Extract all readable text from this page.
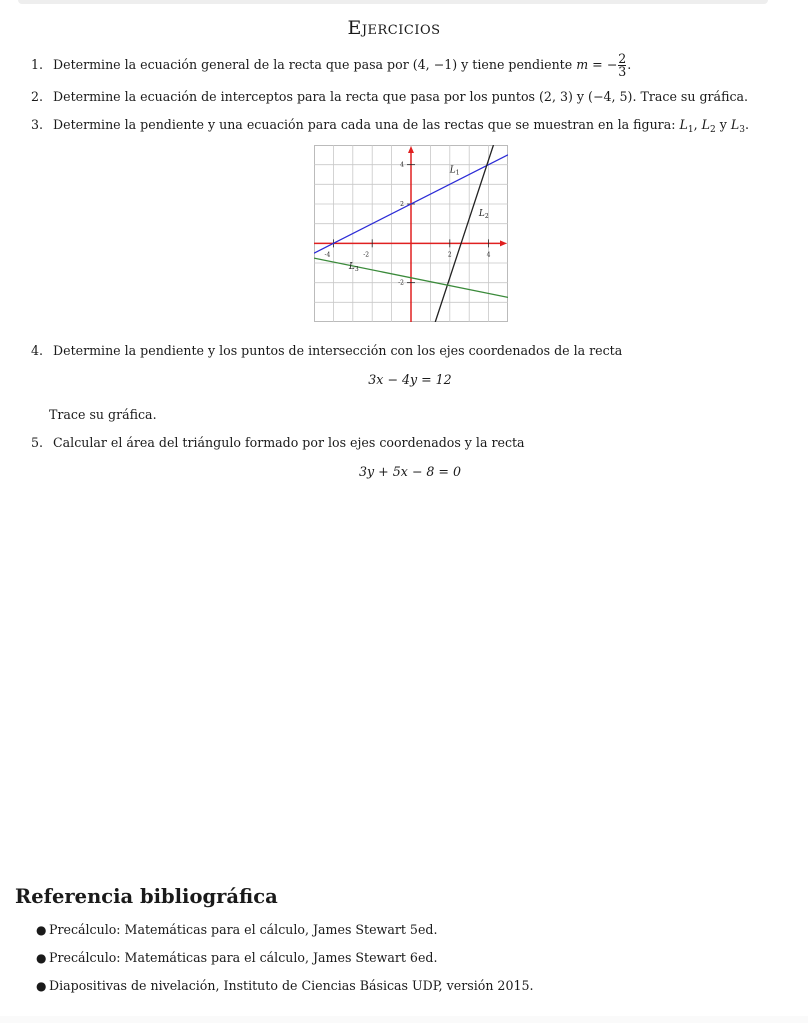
Ejercicios
1. Determine la ecuación general de la recta que pasa por (4, −1) y tiene pendiente m = − $\frac{2}{3}$ .
2. Determine la ecuación de interceptos para la recta que pasa por los puntos (2, 3) y (−4, 5). Trace su gráfica.
3. Determine la pendiente y una ecuación para cada una de las rectas que se muestran en la figura: $L_1$, $L_2$ y $L_3$.
-4	-2	2	4
4
2
-2
$L_1$
$L_2$
$L_3$
4. Determine la pendiente y los puntos de intersección con los ejes coordenados de la recta
3x − 4y = 12
Trace su gráfica.
5. Calcular el área del triángulo formado por los ejes coordenados y la recta
3y + 5x − 8 = 0
Referencia bibliográfica
● Precálculo: Matemáticas para el cálculo, James Stewart 5ed.
● Precálculo: Matemáticas para el cálculo, James Stewart 6ed.
● Diapositivas de nivelación, Instituto de Ciencias Básicas UDP, versión 2015.
